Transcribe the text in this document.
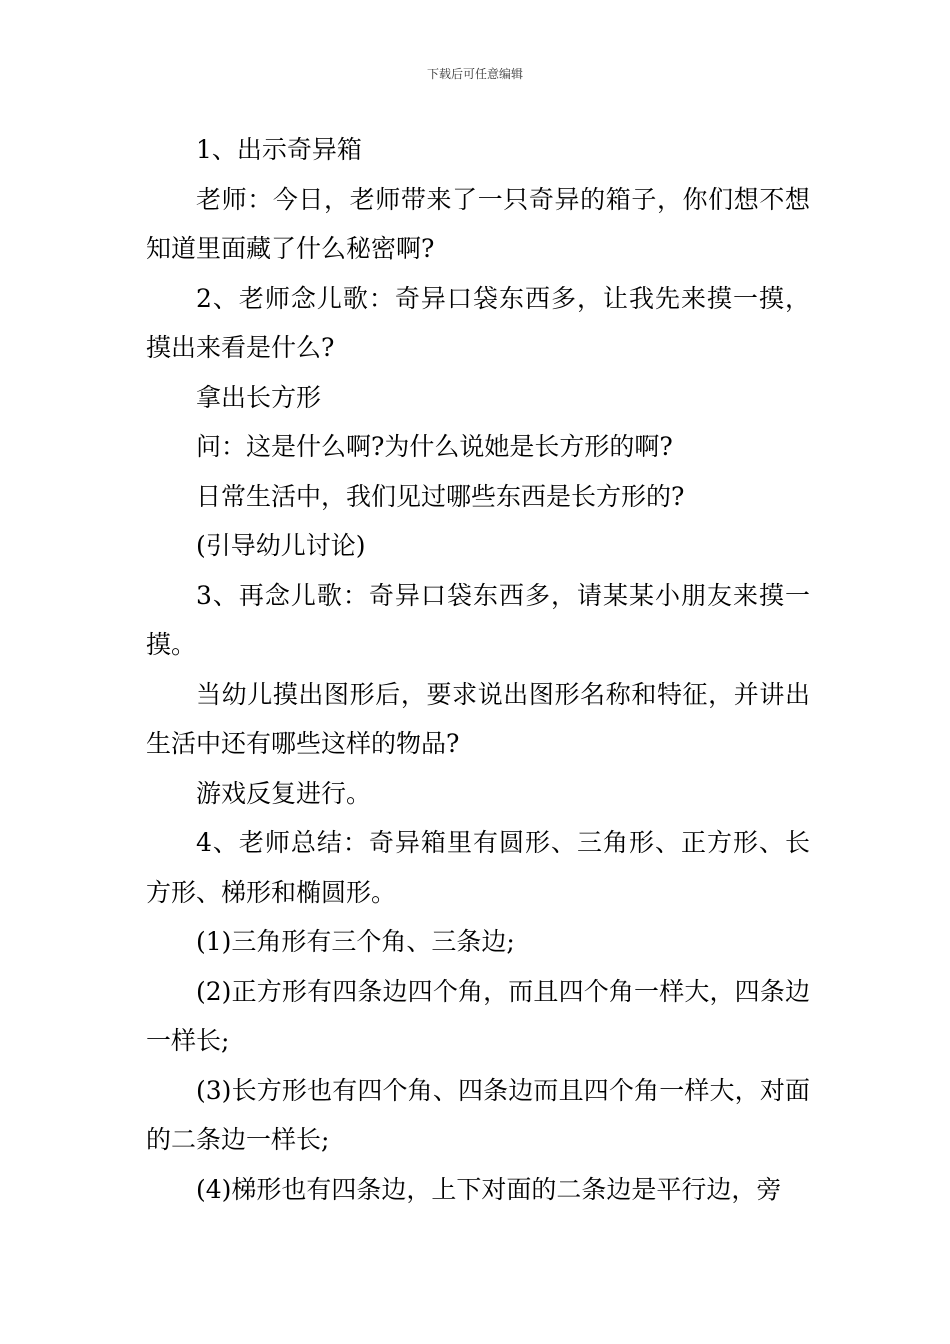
下载后可任意编辑

1、出示奇异箱

老师：今日，老师带来了一只奇异的箱子，你们想不想知道里面藏了什么秘密啊?

2、老师念儿歌：奇异口袋东西多，让我先来摸一摸，摸出来看是什么?

拿出长方形

问：这是什么啊?为什么说她是长方形的啊?

日常生活中，我们见过哪些东西是长方形的?

(引导幼儿讨论)

3、再念儿歌：奇异口袋东西多，请某某小朋友来摸一摸。

当幼儿摸出图形后，要求说出图形名称和特征，并讲出生活中还有哪些这样的物品?

游戏反复进行。

4、老师总结：奇异箱里有圆形、三角形、正方形、长方形、梯形和椭圆形。

(1)三角形有三个角、三条边;

(2)正方形有四条边四个角，而且四个角一样大，四条边一样长;

(3)长方形也有四个角、四条边而且四个角一样大，对面的二条边一样长;

(4)梯形也有四条边，上下对面的二条边是平行边，旁
